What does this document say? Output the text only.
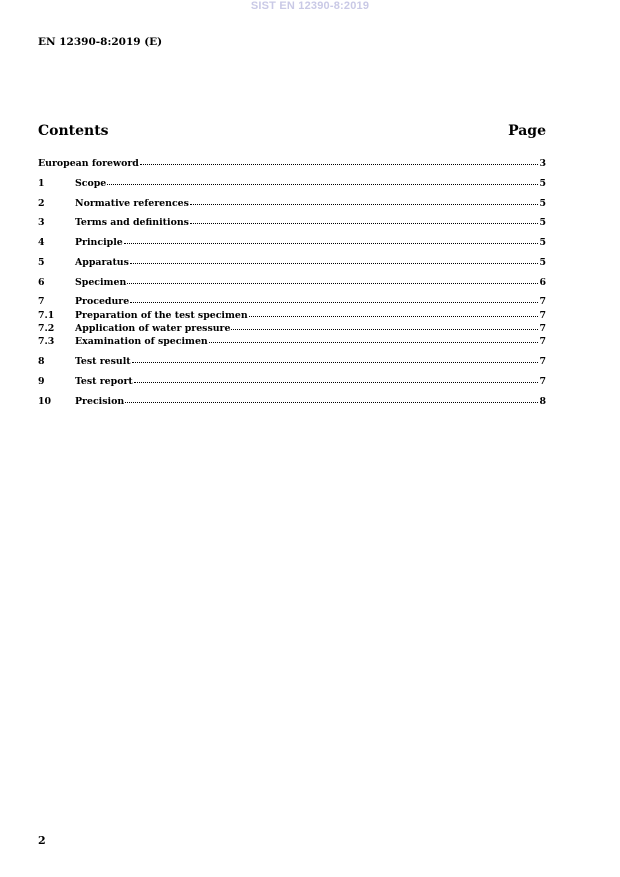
SIST EN 12390-8:2019
EN 12390-8:2019 (E)
Contents	Page
European foreword	3
1	Scope	5
2	Normative references	5
3	Terms and definitions	5
4	Principle	5
5	Apparatus	5
6	Specimen	6
7	Procedure	7
7.1	Preparation of the test specimen	7
7.2	Application of water pressure	7
7.3	Examination of specimen	7
8	Test result	7
9	Test report	7
10	Precision	8
2
